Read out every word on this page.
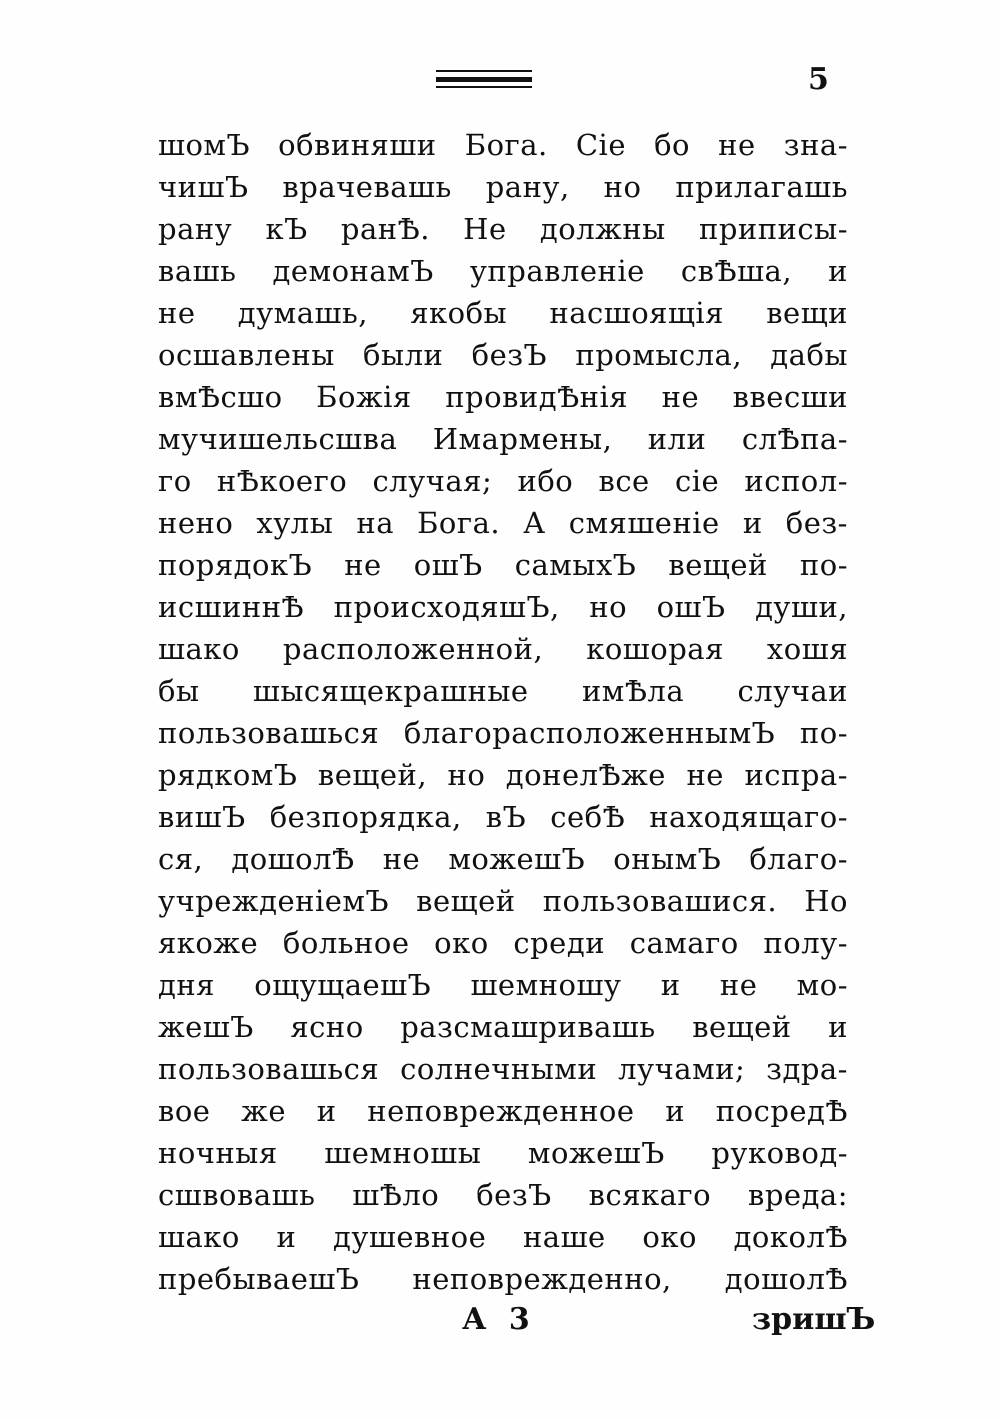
5
шомЪ обвиняши Бога. Сіе бо не зна-
чишЪ врачевашь рану, но прилагашь
рану кЪ ранѢ. Не должны приписы-
вашь демонамЪ управленіе свѢша, и
не думашь, якобы насшоящія вещи
осшавлены были безЪ промысла, дабы
вмѢсшо Божія провидѢнія не ввесши
мучишельсшва Имармены, или слѢпа-
го нѢкоего случая; ибо все сіе испол-
нено хулы на Бога. А смяшеніе и без-
порядокЪ не ошЪ самыхЪ вещей по-
исшиннѢ происходяшЪ, но ошЪ души,
шако расположенной, кошорая хошя
бы шысящекрашные имѢла случаи
пользовашься благорасположеннымЪ по-
рядкомЪ вещей, но донелѢже не испра-
вишЪ безпорядка, вЪ себѢ находящаго-
ся, дошолѢ не можешЪ онымЪ благо-
учрежденіемЪ вещей пользовашися. Но
якоже больное око среди самаго полу-
дня ощущаешЪ шемношу и не мо-
жешЪ ясно разсмашривашь вещей и
пользовашься солнечными лучами; здра-
вое же и неповрежденное и посредѢ
ночныя шемношы можешЪ руковод-
сшвовашь шѢло безЪ всякаго вреда:
шако и душевное наше око доколѢ
пребываешЪ неповрежденно, дошолѢ
А 3	зришЪ
